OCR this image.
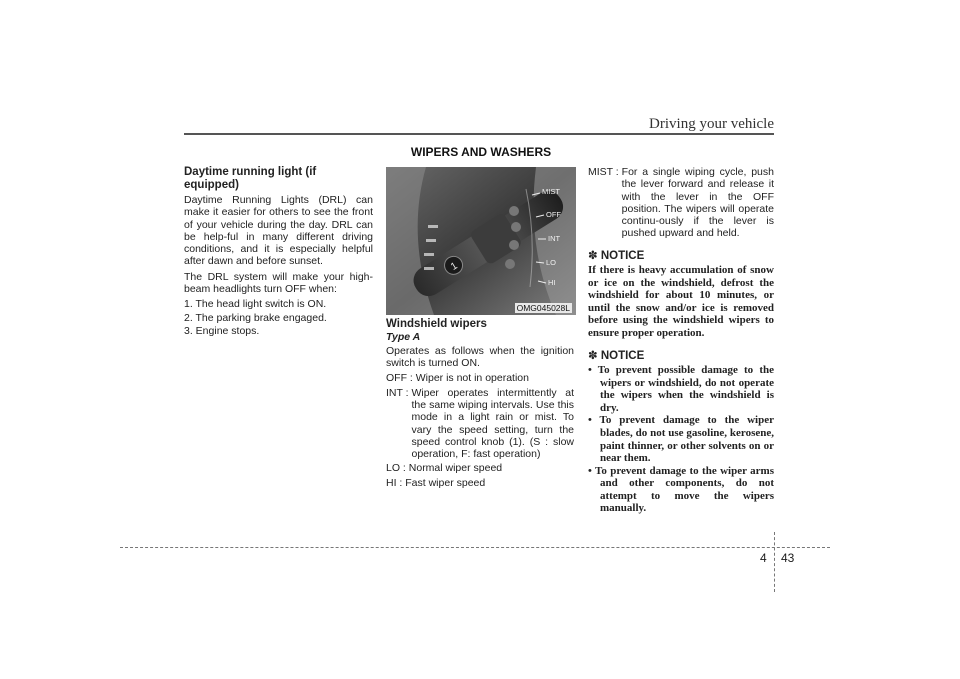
Driving your vehicle
Daytime running light (if equipped)
Daytime Running Lights (DRL) can make it easier for others to see the front of your vehicle during the day. DRL can be help-ful in many different driving conditions, and it is especially helpful after dawn and before sunset.
The DRL system will make your high-beam headlights turn OFF when:
1. The head light switch is ON.
2. The parking brake engaged.
3. Engine stops.
WIPERS AND WASHERS
1
MIST
OFF
INT
LO
HI
OMG045028L
Windshield wipers
Type A
Operates as follows when the ignition switch is turned ON.
OFF : Wiper is not in operation
INT : Wiper operates intermittently at the same wiping intervals. Use this mode in a light rain or mist. To vary the speed setting, turn the speed control knob (1). (S : slow operation, F: fast operation)
LO : Normal wiper speed
HI : Fast wiper speed
MIST : For a single wiping cycle, push the lever forward and release it with the lever in the OFF position. The wipers will operate continu-ously if the lever is pushed upward and held.
✽ NOTICE

If there is heavy accumulation of snow or ice on the windshield, defrost the windshield for about 10 minutes, or until the snow and/or ice is removed before using the windshield wipers to ensure proper operation.

✽ NOTICE
• To prevent possible damage to the wipers or windshield, do not operate the wipers when the windshield is dry.
• To prevent damage to the wiper blades, do not use gasoline, kerosene, paint thinner, or other solvents on or near them.
• To prevent damage to the wiper arms and other components, do not attempt to move the wipers manually.
4 43
